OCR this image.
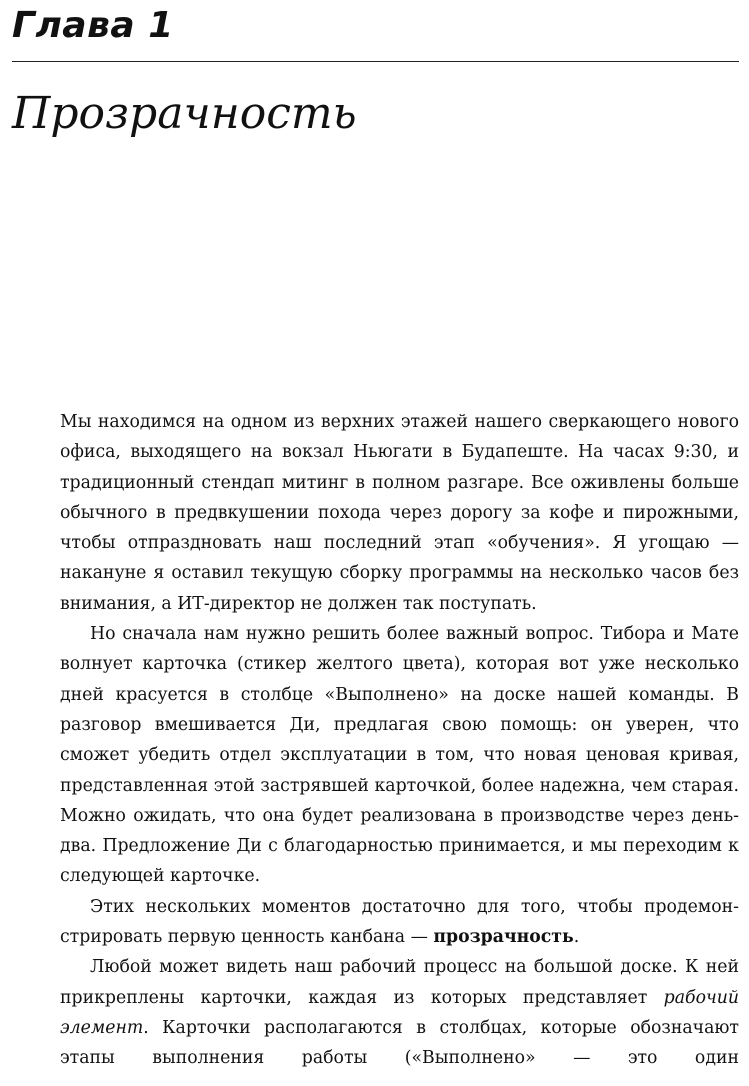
Глава 1
Прозрачность

Мы находимся на одном из верхних этажей нашего сверкающего нового офиса, выходящего на вокзал Ньюгати в Будапеште. На часах 9:30, и традиционный стендап митинг в полном разгаре. Все оживлены больше обычного в предвкушении похода через дорогу за кофе и пирожными, чтобы отпраздновать наш последний этап «обучения». Я угощаю — накануне я оставил текущую сборку программы на несколько часов без внимания, а ИТ-директор не должен так поступать.

Но сначала нам нужно решить более важный вопрос. Тибора и Мате волнует карточка (стикер желтого цвета), которая вот уже несколько дней красуется в столбце «Выполнено» на доске нашей команды. В разговор вмешивается Ди, предлагая свою помощь: он уверен, что сможет убедить отдел эксплуатации в том, что новая ценовая кривая, представленная этой застрявшей карточкой, более надежна, чем старая. Можно ожидать, что она будет реализована в производстве через день-два. Предложение Ди с благодарностью принимается, и мы переходим к следующей карточке.

Этих нескольких моментов достаточно для того, чтобы продемонстрировать первую ценность канбана — прозрачность.

Любой может видеть наш рабочий процесс на большой доске. К ней прикреплены карточки, каждая из которых представляет рабочий элемент. Карточки располагаются в столбцах, которые обозначают этапы выполнения работы («Выполнено» — это один
